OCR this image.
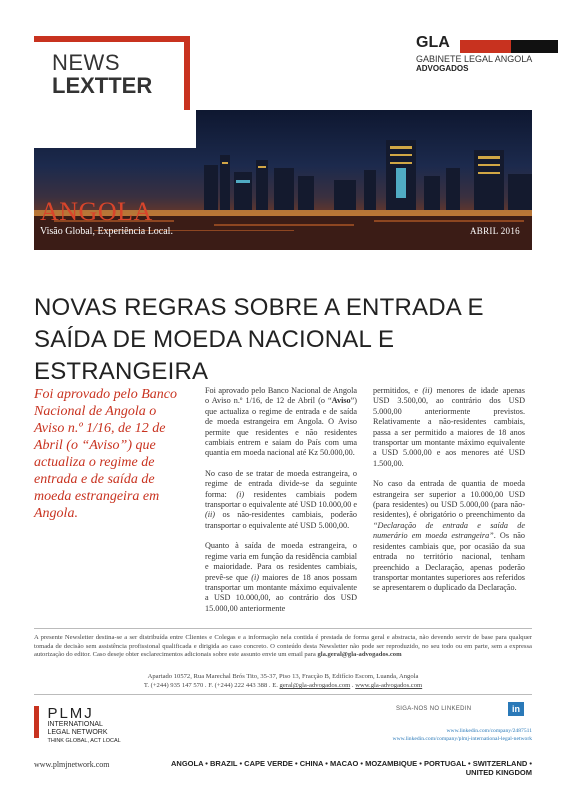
NEWS
LEXTTER
GLA
GABINETE LEGAL ANGOLA
ADVOGADOS
ANGOLA
Visão Global, Experiência Local.	ABRIL 2016
NOVAS REGRAS SOBRE A ENTRADA E SAÍDA DE MOEDA NACIONAL E ESTRANGEIRA

Foi aprovado pelo Banco Nacional de Angola o Aviso n.º 1/16, de 12 de Abril (o “Aviso”) que actualiza o regime de entrada e de saída de moeda estrangeira em Angola.

Foi aprovado pelo Banco Nacional de Angola o Aviso n.º 1/16, de 12 de Abril (o “Aviso”) que actualiza o regime de entrada e de saída de moeda estrangeira em Angola. O Aviso permite que residentes e não residentes cambiais entrem e saiam do País com uma quantia em moeda nacional até Kz 50.000,00.

No caso de se tratar de moeda estrangeira, o regime de entrada divide-se da seguinte forma: (i) residentes cambiais podem transportar o equivalente até USD 10.000,00 e (ii) os não-residentes cambiais, poderão transportar o equivalente até USD 5.000,00.

Quanto à saída de moeda estrangeira, o regime varia em função da residência cambial e maioridade. Para os residentes cambiais, prevê-se que (i) maiores de 18 anos possam transportar um montante máximo equivalente a USD 10.000,00, ao contrário dos USD 15.000,00 anteriormente

permitidos, e (ii) menores de idade apenas USD 3.500,00, ao contrário dos USD 5.000,00 anteriormente previstos. Relativamente a não-residentes cambiais, passa a ser permitido a maiores de 18 anos transportar um montante máximo equivalente a USD 5.000,00 e aos menores até USD 1.500,00.

No caso da entrada de quantia de moeda estrangeira ser superior a 10.000,00 USD (para residentes) ou USD 5.000,00 (para não-residentes), é obrigatório o preenchimento da “Declaração de entrada e saída de numerário em moeda estrangeira”. Os não residentes cambiais que, por ocasião da sua entrada no território nacional, tenham preenchido a Declaração, apenas poderão transportar montantes superiores aos referidos se apresentarem o duplicado da Declaração.

A presente Newsletter destina-se a ser distribuída entre Clientes e Colegas e a informação nela contida é prestada de forma geral e abstracta, não devendo servir de base para qualquer tomada de decisão sem assistência profissional qualificada e dirigida ao caso concreto. O conteúdo desta Newsletter não pode ser reproduzido, no seu todo ou em parte, sem a expressa autorização do editor. Caso deseje obter esclarecimentos adicionais sobre este assunto envie um email para gla.geral@gla-advogados.com

Apartado 10572, Rua Marechal Brós Tito, 35-37, Piso 13, Fracção B, Edifício Escom, Luanda, Angola
T. (+244) 935 147 570 . F. (+244) 222 443 388 . E. geral@gla-advogados.com . www.gla-advogados.com

PLMJ
INTERNATIONAL
LEGAL NETWORK
THINK GLOBAL, ACT LOCAL
SIGA-NOS NO LINKEDIN	in
www.linkedin.com/company/2487511
www.linkedin.com/company/plmj-international-legal-network
www.plmjnetwork.com	ANGOLA • BRAZIL • CAPE VERDE • CHINA • MACAO • MOZAMBIQUE • PORTUGAL • SWITZERLAND • UNITED KINGDOM
